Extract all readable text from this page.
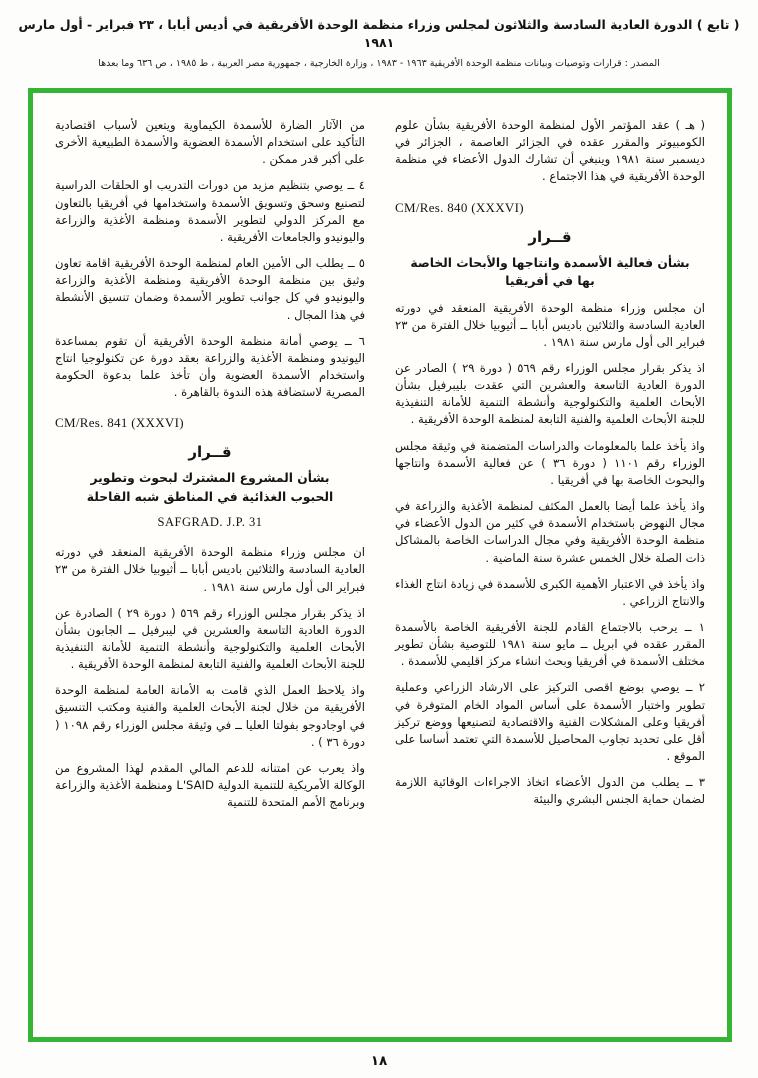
( تابع ) الدورة العادية السادسة والثلاثون لمجلس وزراء منظمة الوحدة الأفريقية في أديس أبابا ، ٢٣ فبراير - أول مارس ١٩٨١
المصدر : قرارات وتوصيات وبيانات منظمة الوحدة الأفريقية ١٩٦٣ - ١٩٨٣ ، وزارة الخارجية ، جمهورية مصر العربية ، ط ١٩٨٥ ، ص ٦٣٦ وما بعدها

( هـ ) عقد المؤتمر الأول لمنظمة الوحدة الأفريقية بشأن علوم الكومبيوتر والمقرر عقده في الجزائر العاصمة ، الجزائر في ديسمبر سنة ١٩٨١ وينبغي أن تشارك الدول الأعضاء في منظمة الوحدة الأفريقية في هذا الاجتماع .

CM/Res. 840 (XXXVI)
قــرار
بشأن فعالية الأسمدة وانتاجها والأبحاث الخاصة بها في أفريقيا

ان مجلس وزراء منظمة الوحدة الأفريقية المنعقد في دورته العادية السادسة والثلاثين باديس أبابا ــ أثيوبيا خلال الفترة من ٢٣ فبراير الى أول مارس سنة ١٩٨١ .

اذ يذكر بقرار مجلس الوزراء رقم ٥٦٩ ( دورة ٢٩ ) الصادر عن الدورة العادية التاسعة والعشرين التي عقدت بليبرفيل بشأن الأبحاث العلمية والتكنولوجية وأنشطة التنمية للأمانة التنفيذية للجنة الأبحاث العلمية والفنية التابعة لمنظمة الوحدة الأفريقية .

واذ يأخذ علما بالمعلومات والدراسات المتضمنة في وثيقة مجلس الوزراء رقم ١١٠١ ( دورة ٣٦ ) عن فعالية الأسمدة وانتاجها والبحوث الخاصة بها في أفريقيا .

واذ يأخذ علما أيضا بالعمل المكثف لمنظمة الأغذية والزراعة في مجال النهوض باستخدام الأسمدة في كثير من الدول الأعضاء في منظمة الوحدة الأفريقية وفي مجال الدراسات الخاصة بالمشاكل ذات الصلة خلال الخمس عشرة سنة الماضية .

واذ يأخذ في الاعتبار الأهمية الكبرى للأسمدة في زيادة انتاج الغذاء والانتاج الزراعي .

١ ــ يرحب بالاجتماع القادم للجنة الأفريقية الخاصة بالأسمدة المقرر عقده في ابريل ــ مايو سنة ١٩٨١ للتوصية بشأن تطوير مختلف الأسمدة في أفريقيا وبحث انشاء مركز اقليمي للأسمدة .

٢ ــ يوصي بوضع اقصى التركيز على الارشاد الزراعي وعملية تطوير واختبار الأسمدة على أساس المواد الخام المتوفرة في أفريقيا وعلى المشكلات الفنية والاقتصادية لتصنيعها ووضع تركيز أقل على تحديد تجاوب المحاصيل للأسمدة التي تعتمد أساسا على الموقع .

٣ ــ يطلب من الدول الأعضاء اتخاذ الاجراءات الوقائية اللازمة لضمان حماية الجنس البشري والبيئة

من الآثار الضارة للأسمدة الكيماوية ويتعين لأسباب اقتصادية التأكيد على استخدام الأسمدة العضوية والأسمدة الطبيعية الأخرى على أكبر قدر ممكن .

٤ ــ يوصي بتنظيم مزيد من دورات التدريب او الحلقات الدراسية لتصنيع وسحق وتسويق الأسمدة واستخدامها في أفريقيا بالتعاون مع المركز الدولي لتطوير الأسمدة ومنظمة الأغذية والزراعة واليونيدو والجامعات الأفريقية .

٥ ــ يطلب الى الأمين العام لمنظمة الوحدة الأفريقية اقامة تعاون وثيق بين منظمة الوحدة الأفريقية ومنظمة الأغذية والزراعة واليونيدو في كل جوانب تطوير الأسمدة وضمان تنسيق الأنشطة في هذا المجال .

٦ ــ يوصي أمانة منظمة الوحدة الأفريقية أن تقوم بمساعدة اليونيدو ومنظمة الأغذية والزراعة بعقد دورة عن تكنولوجيا انتاج واستخدام الأسمدة العضوية وأن تأخذ علما بدعوة الحكومة المصرية لاستضافة هذه الندوة بالقاهرة .

CM/Res. 841 (XXXVI)
قــرار
بشأن المشروع المشترك لبحوث وتطوير الحبوب الغذائية في المناطق شبه القاحلة
SAFGRAD. J.P. 31

ان مجلس وزراء منظمة الوحدة الأفريقية المنعقد في دورته العادية السادسة والثلاثين باديس أبابا ــ أثيوبيا خلال الفترة من ٢٣ فبراير الى أول مارس سنة ١٩٨١ .

اذ يذكر بقرار مجلس الوزراء رقم ٥٦٩ ( دورة ٢٩ ) الصادرة عن الدورة العادية التاسعة والعشرين في ليبرفيل ــ الجابون بشأن الأبحاث العلمية والتكنولوجية وأنشطة التنمية للأمانة التنفيذية للجنة الأبحاث العلمية والفنية التابعة لمنظمة الوحدة الأفريقية .

واذ يلاحظ العمل الذي قامت به الأمانة العامة لمنظمة الوحدة الأفريقية من خلال لجنة الأبحاث العلمية والفنية ومكتب التنسيق في اوجادوجو بفولتا العليا ــ في وثيقة مجلس الوزراء رقم ١٠٩٨ ( دورة ٣٦ ) .

واذ يعرب عن امتنانه للدعم المالي المقدم لهذا المشروع من الوكالة الأمريكية للتنمية الدولية L'SAID ومنظمة الأغذية والزراعة وبرنامج الأمم المتحدة للتنمية

١٨
